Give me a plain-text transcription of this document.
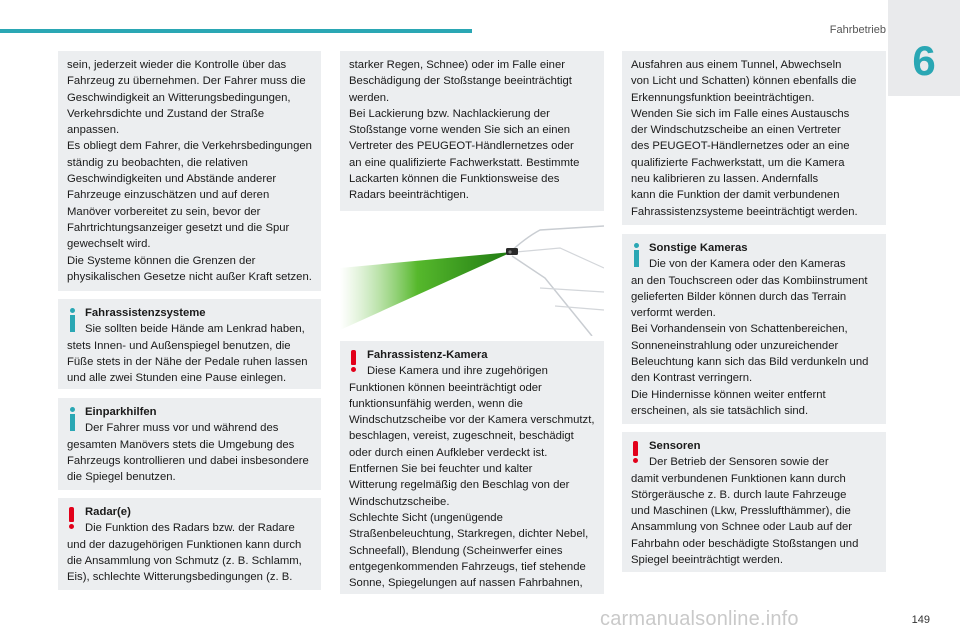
Fahrbetrieb
6

sein, jederzeit wieder die Kontrolle über das
Fahrzeug zu übernehmen. Der Fahrer muss die
Geschwindigkeit an Witterungsbedingungen,
Verkehrsdichte und Zustand der Straße
anpassen.
Es obliegt dem Fahrer, die Verkehrsbedingungen
ständig zu beobachten, die relativen
Geschwindigkeiten und Abstände anderer
Fahrzeuge einzuschätzen und auf deren
Manöver vorbereitet zu sein, bevor der
Fahrtrichtungsanzeiger gesetzt und die Spur
gewechselt wird.
Die Systeme können die Grenzen der
physikalischen Gesetze nicht außer Kraft setzen.

Fahrassistenzsysteme

Sie sollten beide Hände am Lenkrad haben,

stets Innen- und Außenspiegel benutzen, die
Füße stets in der Nähe der Pedale ruhen lassen
und alle zwei Stunden eine Pause einlegen.

Einparkhilfen

Der Fahrer muss vor und während des

gesamten Manövers stets die Umgebung des
Fahrzeugs kontrollieren und dabei insbesondere
die Spiegel benutzen.

Radar(e)

Die Funktion des Radars bzw. der Radare

und der dazugehörigen Funktionen kann durch
die Ansammlung von Schmutz (z. B. Schlamm,
Eis), schlechte Witterungsbedingungen (z. B.

starker Regen, Schnee) oder im Falle einer
Beschädigung der Stoßstange beeinträchtigt
werden.
Bei Lackierung bzw. Nachlackierung der
Stoßstange vorne wenden Sie sich an einen
Vertreter des PEUGEOT-Händlernetzes oder
an eine qualifizierte Fachwerkstatt. Bestimmte
Lackarten können die Funktionsweise des
Radars beeinträchtigen.

Fahrassistenz-Kamera

Diese Kamera und ihre zugehörigen

Funktionen können beeinträchtigt oder
funktionsunfähig werden, wenn die
Windschutzscheibe vor der Kamera verschmutzt,
beschlagen, vereist, zugeschneit, beschädigt
oder durch einen Aufkleber verdeckt ist.
Entfernen Sie bei feuchter und kalter
Witterung regelmäßig den Beschlag von der
Windschutzscheibe.
Schlechte Sicht (ungenügende
Straßenbeleuchtung, Starkregen, dichter Nebel,
Schneefall), Blendung (Scheinwerfer eines
entgegenkommenden Fahrzeugs, tief stehende
Sonne, Spiegelungen auf nassen Fahrbahnen,

Ausfahren aus einem Tunnel, Abwechseln
von Licht und Schatten) können ebenfalls die
Erkennungsfunktion beeinträchtigen.
Wenden Sie sich im Falle eines Austauschs
der Windschutzscheibe an einen Vertreter
des PEUGEOT-Händlernetzes oder an eine
qualifizierte Fachwerkstatt, um die Kamera
neu kalibrieren zu lassen. Andernfalls
kann die Funktion der damit verbundenen
Fahrassistenzsysteme beeinträchtigt werden.

Sonstige Kameras

Die von der Kamera oder den Kameras

an den Touchscreen oder das Kombiinstrument
gelieferten Bilder können durch das Terrain
verformt werden.
Bei Vorhandensein von Schattenbereichen,
Sonneneinstrahlung oder unzureichender
Beleuchtung kann sich das Bild verdunkeln und
den Kontrast verringern.
Die Hindernisse können weiter entfernt
erscheinen, als sie tatsächlich sind.

Sensoren

Der Betrieb der Sensoren sowie der

damit verbundenen Funktionen kann durch
Störgeräusche z. B. durch laute Fahrzeuge
und Maschinen (Lkw, Presslufthämmer), die
Ansammlung von Schnee oder Laub auf der
Fahrbahn oder beschädigte Stoßstangen und
Spiegel beeinträchtigt werden.

carmanualsonline.info	149
